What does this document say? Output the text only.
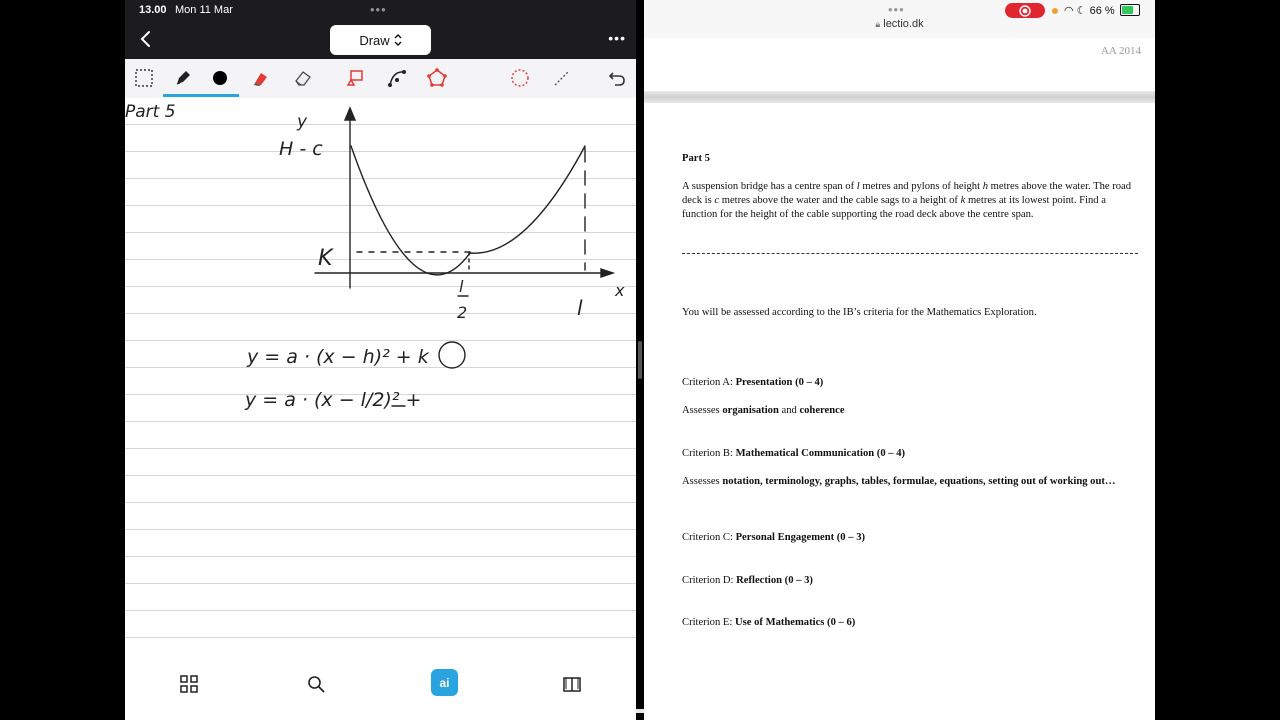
13.00 Mon 11 Mar	•••
Draw	•••
Part 5	y
H - c
K
l
2	l
x
y = a · (x − h)² + k
y = a · (x − l/2)² +
ai
•••	◠ ☾ 66 %
🔒︎ lectio.dk
AA 2014
Part 5
A suspension bridge has a centre span of l metres and pylons of height h metres above the water. The road deck is c metres above the water and the cable sags to a height of k metres at its lowest point. Find a function for the height of the cable supporting the road deck above the centre span.
You will be assessed according to the IB’s criteria for the Mathematics Exploration.
Criterion A: Presentation (0 – 4)
Assesses organisation and coherence
Criterion B: Mathematical Communication (0 – 4)
Assesses notation, terminology, graphs, tables, formulae, equations, setting out of working out…
Criterion C: Personal Engagement (0 – 3)
Criterion D: Reflection (0 – 3)
Criterion E: Use of Mathematics (0 – 6)
